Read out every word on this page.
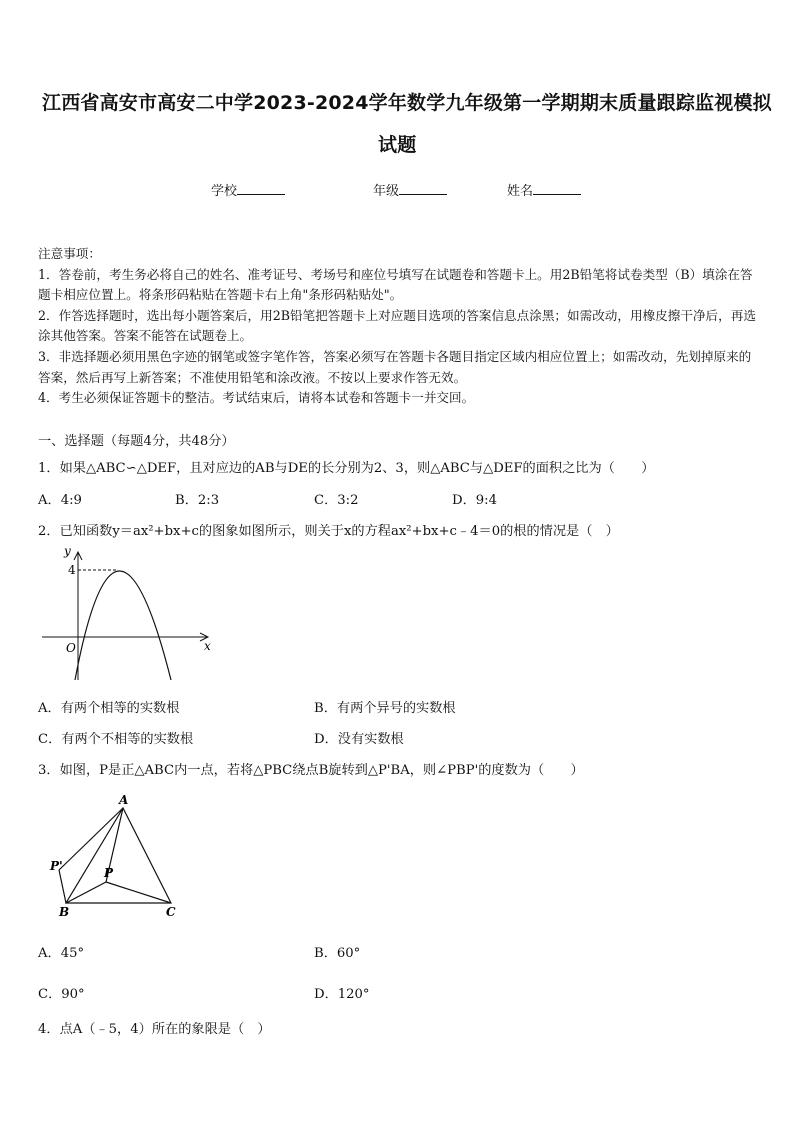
江西省高安市高安二中学2023-2024学年数学九年级第一学期期末质量跟踪监视模拟
试题
学校	年级	姓名

注意事项：

1．答卷前，考生务必将自己的姓名、准考证号、考场号和座位号填写在试题卷和答题卡上。用2B铅笔将试卷类型（B）填涂在答题卡相应位置上。将条形码粘贴在答题卡右上角"条形码粘贴处"。

2．作答选择题时，选出每小题答案后，用2B铅笔把答题卡上对应题目选项的答案信息点涂黑；如需改动，用橡皮擦干净后，再选涂其他答案。答案不能答在试题卷上。

3．非选择题必须用黑色字迹的钢笔或签字笔作答，答案必须写在答题卡各题目指定区域内相应位置上；如需改动，先划掉原来的答案，然后再写上新答案；不准使用铅笔和涂改液。不按以上要求作答无效。

4．考生必须保证答题卡的整洁。考试结束后，请将本试卷和答题卡一并交回。

一、选择题（每题4分，共48分）
1．如果△ABC∽△DEF，且对应边的AB与DE的长分别为2、3，则△ABC与△DEF的面积之比为（　　）
A．4:9	B．2:3	C．3:2	D．9:4
2．已知函数y＝ax²+bx+c的图象如图所示，则关于x的方程ax²+bx+c﹣4＝0的根的情况是（　）
y
x
O
4
A．有两个相等的实数根	B．有两个异号的实数根
C．有两个不相等的实数根	D．没有实数根
3．如图，P是正△ABC内一点，若将△PBC绕点B旋转到△P'BA，则∠PBP'的度数为（　　）
A
B	C
P
P'
A．45°	B．60°
C．90°	D．120°
4．点A（﹣5，4）所在的象限是（　）
